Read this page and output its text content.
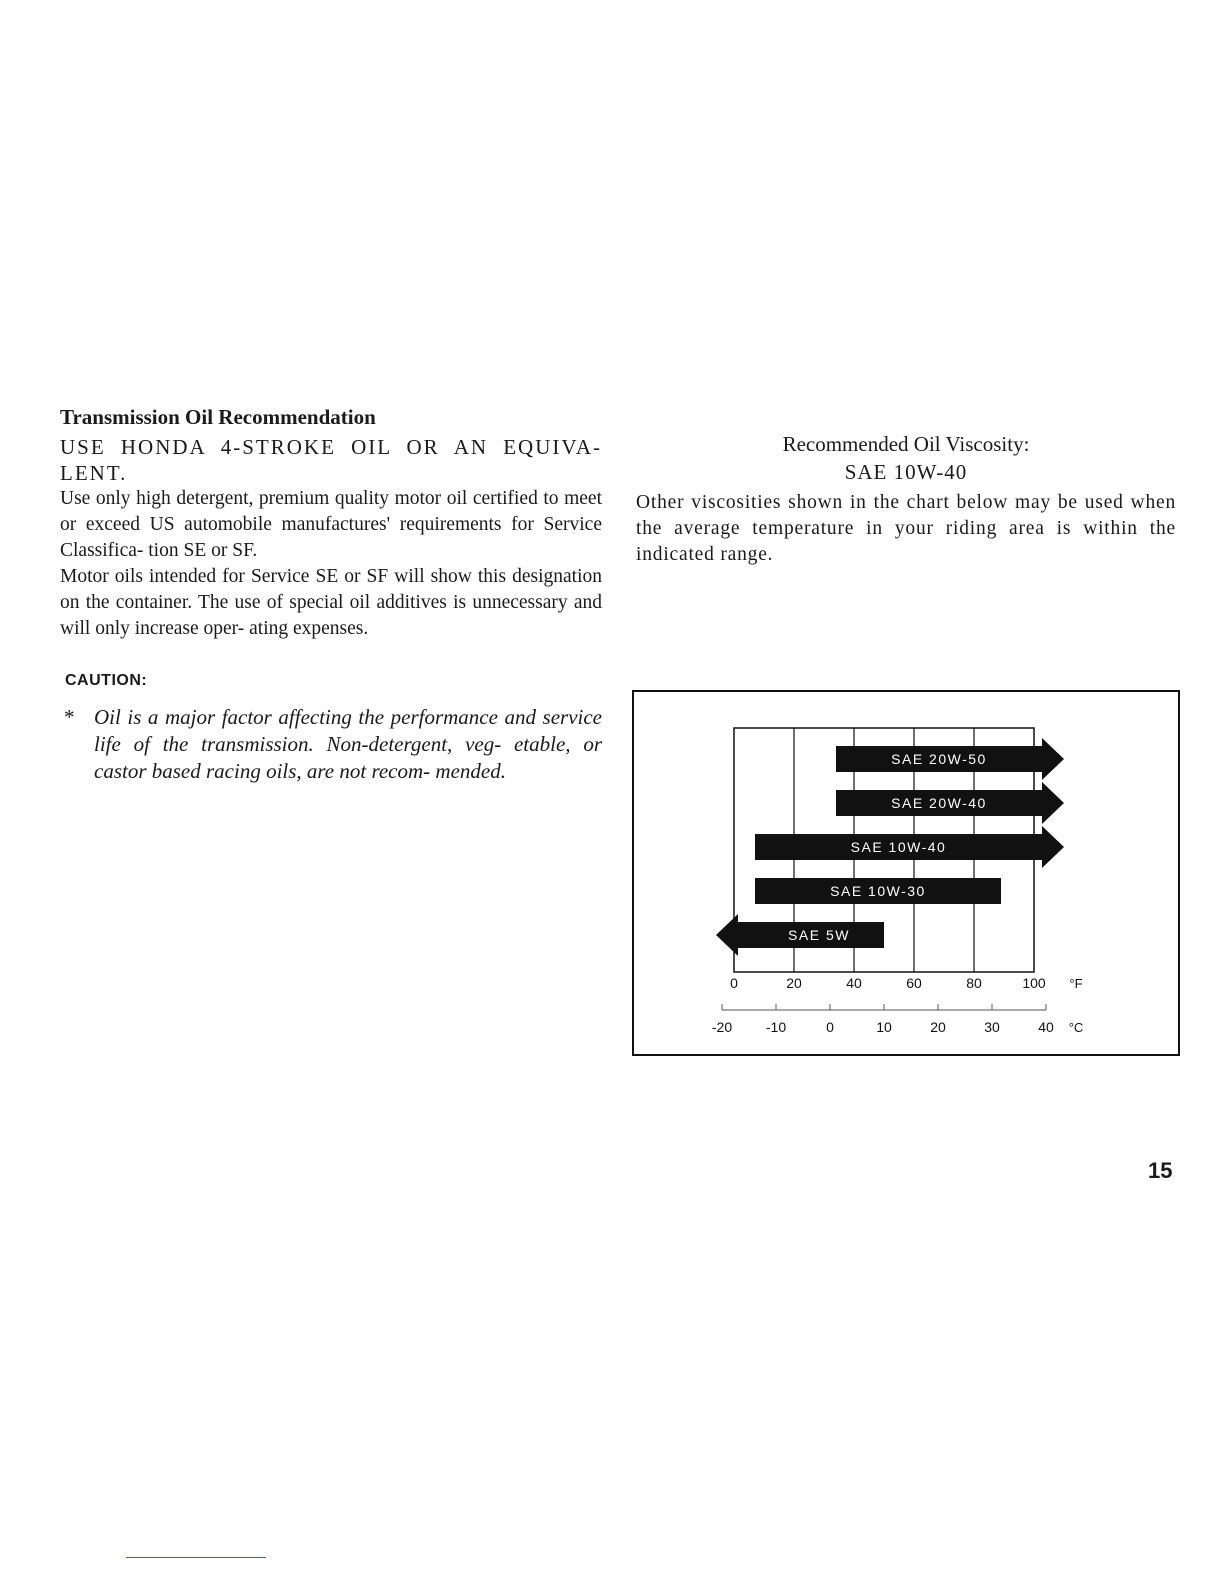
Transmission Oil Recommendation

USE HONDA 4-STROKE OIL OR AN EQUIVA- LENT.

Use only high detergent, premium quality motor oil certified to meet or exceed US automobile manufactures' requirements for Service Classifica- tion SE or SF.

Motor oils intended for Service SE or SF will show this designation on the container. The use of special oil additives is unnecessary and will only increase oper- ating expenses.

CAUTION:
* Oil is a major factor affecting the performance and service life of the transmission. Non-detergent, veg- etable, or castor based racing oils, are not recom- mended.

Recommended Oil Viscosity:

SAE 10W-40

Other viscosities shown in the chart below may be used when the average temperature in your riding area is within the indicated range.

SAE 20W-50
SAE 20W-40
SAE 10W-40
SAE 10W-30
SAE 5W
0	20	40	60	80	100 °F
-20 -10	0	10	20	30	40 °C
15
